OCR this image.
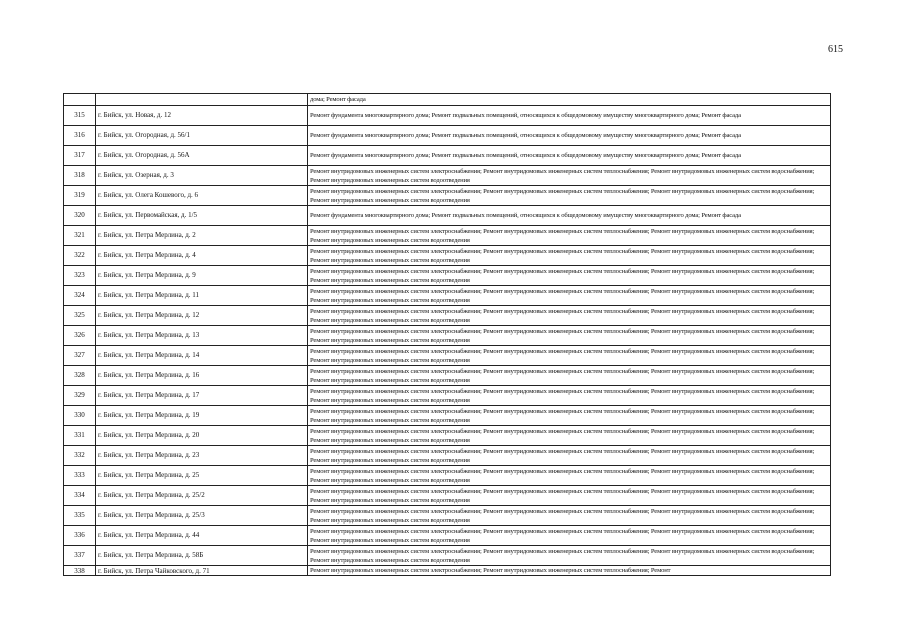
615
		дома; Ремонт фасада
315	г. Бийск, ул. Новая, д. 12	Ремонт фундамента многоквартирного дома; Ремонт подвальных помещений, относящихся к общедомовому имуществу многоквартирного дома; Ремонт фасада
316	г. Бийск, ул. Огородная, д. 56/1	Ремонт фундамента многоквартирного дома; Ремонт подвальных помещений, относящихся к общедомовому имуществу многоквартирного дома; Ремонт фасада
317	г. Бийск, ул. Огородная, д. 56А	Ремонт фундамента многоквартирного дома; Ремонт подвальных помещений, относящихся к общедомовому имуществу многоквартирного дома; Ремонт фасада
318	г. Бийск, ул. Озерная, д. 3	Ремонт внутридомовых инженерных систем электроснабжения; Ремонт внутридомовых инженерных систем теплоснабжения; Ремонт внутридомовых инженерных систем водоснабжения; Ремонт внутридомовых инженерных систем водоотведения
319	г. Бийск, ул. Олега Кошевого, д. 6	Ремонт внутридомовых инженерных систем электроснабжения; Ремонт внутридомовых инженерных систем теплоснабжения; Ремонт внутридомовых инженерных систем водоснабжения; Ремонт внутридомовых инженерных систем водоотведения
320	г. Бийск, ул. Первомайская, д. 1/5	Ремонт фундамента многоквартирного дома; Ремонт подвальных помещений, относящихся к общедомовому имуществу многоквартирного дома; Ремонт фасада
321	г. Бийск, ул. Петра Мерлина, д. 2	Ремонт внутридомовых инженерных систем электроснабжения; Ремонт внутридомовых инженерных систем теплоснабжения; Ремонт внутридомовых инженерных систем водоснабжения; Ремонт внутридомовых инженерных систем водоотведения
322	г. Бийск, ул. Петра Мерлина, д. 4	Ремонт внутридомовых инженерных систем электроснабжения; Ремонт внутридомовых инженерных систем теплоснабжения; Ремонт внутридомовых инженерных систем водоснабжения; Ремонт внутридомовых инженерных систем водоотведения
323	г. Бийск, ул. Петра Мерлина, д. 9	Ремонт внутридомовых инженерных систем электроснабжения; Ремонт внутридомовых инженерных систем теплоснабжения; Ремонт внутридомовых инженерных систем водоснабжения; Ремонт внутридомовых инженерных систем водоотведения
324	г. Бийск, ул. Петра Мерлина, д. 11	Ремонт внутридомовых инженерных систем электроснабжения; Ремонт внутридомовых инженерных систем теплоснабжения; Ремонт внутридомовых инженерных систем водоснабжения; Ремонт внутридомовых инженерных систем водоотведения
325	г. Бийск, ул. Петра Мерлина, д. 12	Ремонт внутридомовых инженерных систем электроснабжения; Ремонт внутридомовых инженерных систем теплоснабжения; Ремонт внутридомовых инженерных систем водоснабжения; Ремонт внутридомовых инженерных систем водоотведения
326	г. Бийск, ул. Петра Мерлина, д. 13	Ремонт внутридомовых инженерных систем электроснабжения; Ремонт внутридомовых инженерных систем теплоснабжения; Ремонт внутридомовых инженерных систем водоснабжения; Ремонт внутридомовых инженерных систем водоотведения
327	г. Бийск, ул. Петра Мерлина, д. 14	Ремонт внутридомовых инженерных систем электроснабжения; Ремонт внутридомовых инженерных систем теплоснабжения; Ремонт внутридомовых инженерных систем водоснабжения; Ремонт внутридомовых инженерных систем водоотведения
328	г. Бийск, ул. Петра Мерлина, д. 16	Ремонт внутридомовых инженерных систем электроснабжения; Ремонт внутридомовых инженерных систем теплоснабжения; Ремонт внутридомовых инженерных систем водоснабжения; Ремонт внутридомовых инженерных систем водоотведения
329	г. Бийск, ул. Петра Мерлина, д. 17	Ремонт внутридомовых инженерных систем электроснабжения; Ремонт внутридомовых инженерных систем теплоснабжения; Ремонт внутридомовых инженерных систем водоснабжения; Ремонт внутридомовых инженерных систем водоотведения
330	г. Бийск, ул. Петра Мерлина, д. 19	Ремонт внутридомовых инженерных систем электроснабжения; Ремонт внутридомовых инженерных систем теплоснабжения; Ремонт внутридомовых инженерных систем водоснабжения; Ремонт внутридомовых инженерных систем водоотведения
331	г. Бийск, ул. Петра Мерлина, д. 20	Ремонт внутридомовых инженерных систем электроснабжения; Ремонт внутридомовых инженерных систем теплоснабжения; Ремонт внутридомовых инженерных систем водоснабжения; Ремонт внутридомовых инженерных систем водоотведения
332	г. Бийск, ул. Петра Мерлина, д. 23	Ремонт внутридомовых инженерных систем электроснабжения; Ремонт внутридомовых инженерных систем теплоснабжения; Ремонт внутридомовых инженерных систем водоснабжения; Ремонт внутридомовых инженерных систем водоотведения
333	г. Бийск, ул. Петра Мерлина, д. 25	Ремонт внутридомовых инженерных систем электроснабжения; Ремонт внутридомовых инженерных систем теплоснабжения; Ремонт внутридомовых инженерных систем водоснабжения; Ремонт внутридомовых инженерных систем водоотведения
334	г. Бийск, ул. Петра Мерлина, д. 25/2	Ремонт внутридомовых инженерных систем электроснабжения; Ремонт внутридомовых инженерных систем теплоснабжения; Ремонт внутридомовых инженерных систем водоснабжения; Ремонт внутридомовых инженерных систем водоотведения
335	г. Бийск, ул. Петра Мерлина, д. 25/3	Ремонт внутридомовых инженерных систем электроснабжения; Ремонт внутридомовых инженерных систем теплоснабжения; Ремонт внутридомовых инженерных систем водоснабжения; Ремонт внутридомовых инженерных систем водоотведения
336	г. Бийск, ул. Петра Мерлина, д. 44	Ремонт внутридомовых инженерных систем электроснабжения; Ремонт внутридомовых инженерных систем теплоснабжения; Ремонт внутридомовых инженерных систем водоснабжения; Ремонт внутридомовых инженерных систем водоотведения
337	г. Бийск, ул. Петра Мерлина, д. 58Б	Ремонт внутридомовых инженерных систем электроснабжения; Ремонт внутридомовых инженерных систем теплоснабжения; Ремонт внутридомовых инженерных систем водоснабжения; Ремонт внутридомовых инженерных систем водоотведения
338	г. Бийск, ул. Петра Чайковского, д. 71	Ремонт внутридомовых инженерных систем электроснабжения; Ремонт внутридомовых инженерных систем теплоснабжения; Ремонт
